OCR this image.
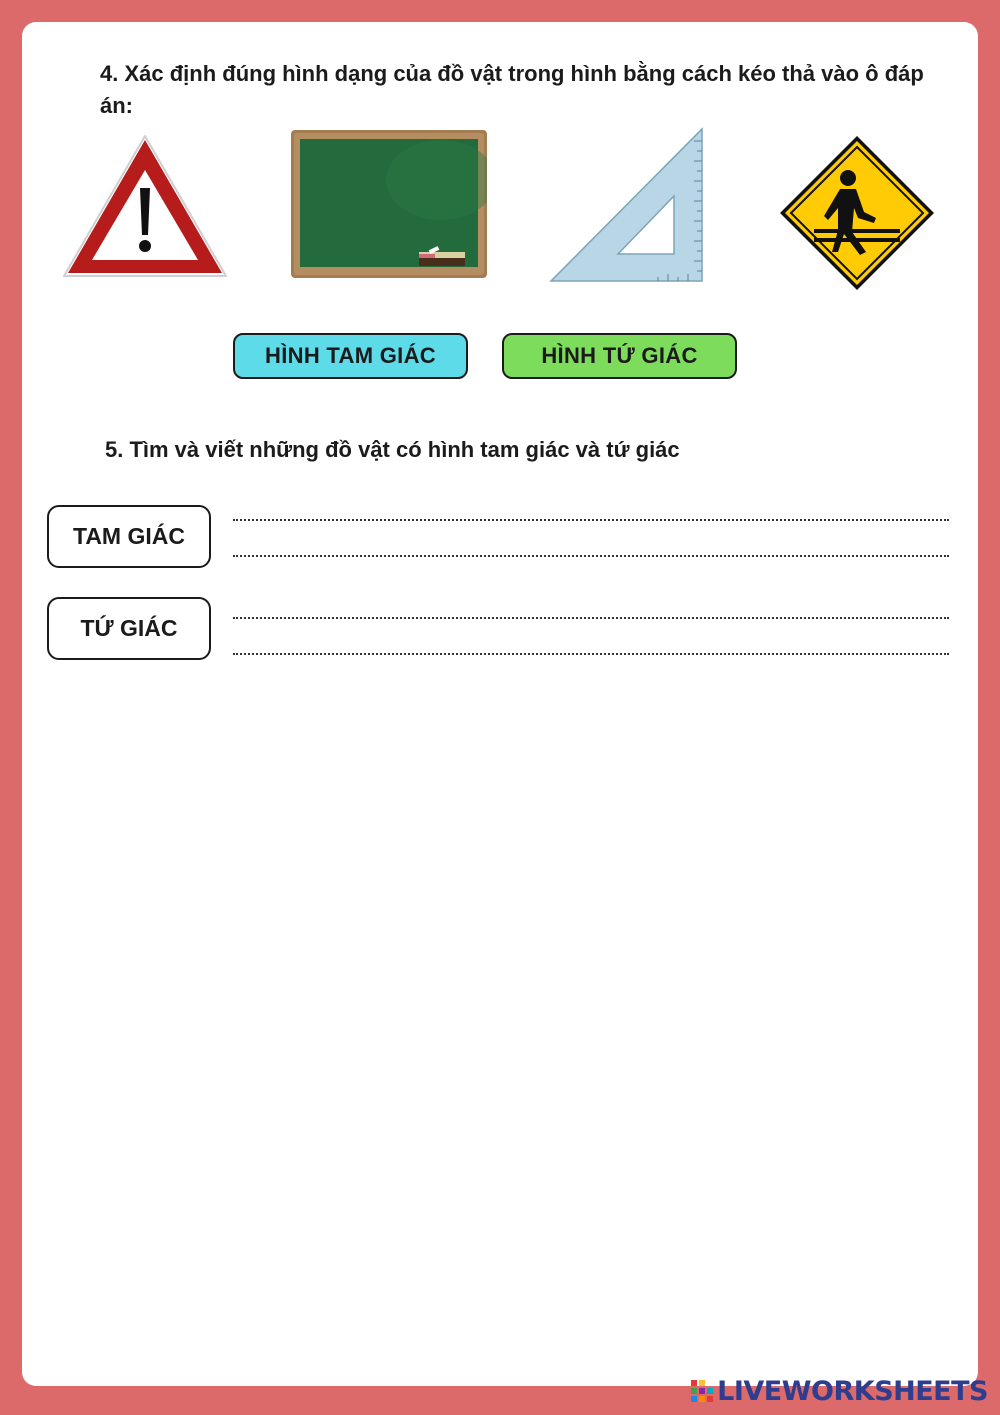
4. Xác định đúng hình dạng của đồ vật trong hình bằng cách kéo thả vào ô đáp án:
HÌNH TAM GIÁC	HÌNH TỨ GIÁC
5. Tìm và viết những đồ vật có hình tam giác và tứ giác
TAM GIÁC
TỨ GIÁC
LIVEWORKSHEETS
